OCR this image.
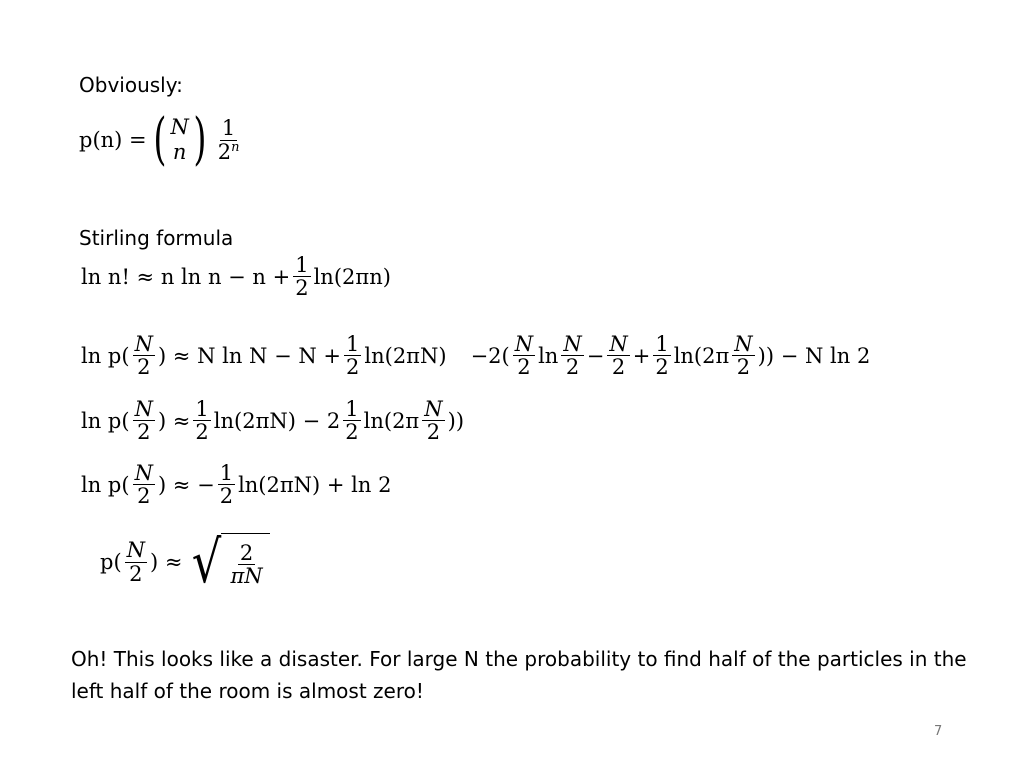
Obviously:
p(n) = ( N
n ) $\frac{1}{2^n}$
Stirling formula
ln n! ≈ n $\ln n - n + \frac{1}{2} \ln(2\pi n)$
$\ln p( \frac{N}{2}$ ) ≈ N $\ln N - N + \frac{1}{2} \ln(2\pi N) -2( \frac{N}{2}$ $\ln \frac{N}{2} - \frac{N}{2} + \frac{1}{2} \ln(2\pi \frac{N}{2}$ )) − N ln 2
$\ln p( \frac{N}{2}$ ) ≈ $\frac{1}{2} \ln(2\pi N) - 2 \frac{1}{2} \ln(2\pi \frac{N}{2}$ ))
$\ln p( \frac{N}{2}$ ) ≈ − $\frac{1}{2} \ln(2\pi N) + \ln 2$
$p( \frac{N}{2}$ ) ≈ √ $\frac{2}{\pi N}$
Oh! This looks like a disaster. For large N the probability to find half of the particles in the left half of the room is almost zero!
7
